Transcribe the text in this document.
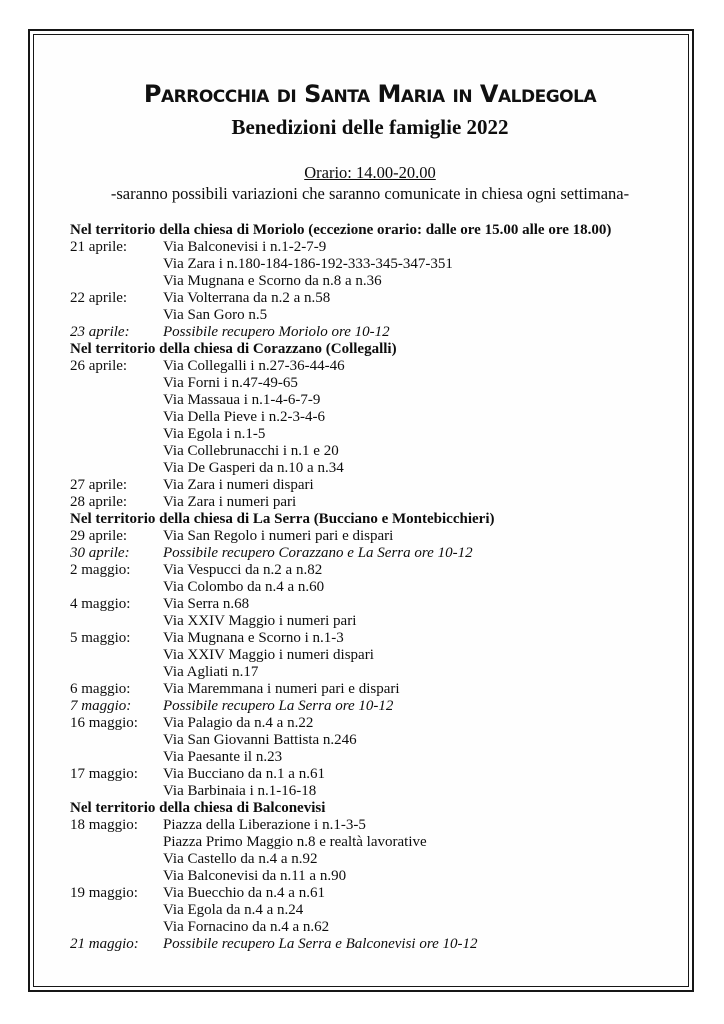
Parrocchia di Santa Maria in Valdegola
Benedizioni delle famiglie 2022

Orario: 14.00-20.00

-saranno possibili variazioni che saranno comunicate in chiesa ogni settimana-

Nel territorio della chiesa di Moriolo (eccezione orario: dalle ore 15.00 alle ore 18.00)
21 aprile:	Via Balconevisi i n.1-2-7-9
Via Zara i n.180-184-186-192-333-345-347-351
Via Mugnana e Scorno da n.8 a n.36
22 aprile:	Via Volterrana da n.2 a n.58
Via San Goro n.5
23 aprile:	Possibile recupero Moriolo ore 10-12
Nel territorio della chiesa di Corazzano (Collegalli)
26 aprile:	Via Collegalli i n.27-36-44-46
Via Forni i n.47-49-65
Via Massaua i n.1-4-6-7-9
Via Della Pieve i n.2-3-4-6
Via Egola i n.1-5
Via Collebrunacchi i n.1 e 20
Via De Gasperi da n.10 a n.34
27 aprile:	Via Zara i numeri dispari
28 aprile:	Via Zara i numeri pari
Nel territorio della chiesa di La Serra (Bucciano e Montebicchieri)
29 aprile:	Via San Regolo i numeri pari e dispari
30 aprile:	Possibile recupero Corazzano e La Serra ore 10-12
2 maggio:	Via Vespucci da n.2 a n.82
Via Colombo da n.4 a n.60
4 maggio:	Via Serra n.68
Via XXIV Maggio i numeri pari
5 maggio:	Via Mugnana e Scorno i n.1-3
Via XXIV Maggio i numeri dispari
Via Agliati n.17
6 maggio:	Via Maremmana i numeri pari e dispari
7 maggio:	Possibile recupero La Serra ore 10-12
16 maggio:	Via Palagio da n.4 a n.22
Via San Giovanni Battista n.246
Via Paesante il n.23
17 maggio:	Via Bucciano da n.1 a n.61
Via Barbinaia i n.1-16-18
Nel territorio della chiesa di Balconevisi
18 maggio:	Piazza della Liberazione i n.1-3-5
Piazza Primo Maggio n.8 e realtà lavorative
Via Castello da n.4 a n.92
Via Balconevisi da n.11 a n.90
19 maggio:	Via Buecchio da n.4 a n.61
Via Egola da n.4 a n.24
Via Fornacino da n.4 a n.62
21 maggio:	Possibile recupero La Serra e Balconevisi ore 10-12
